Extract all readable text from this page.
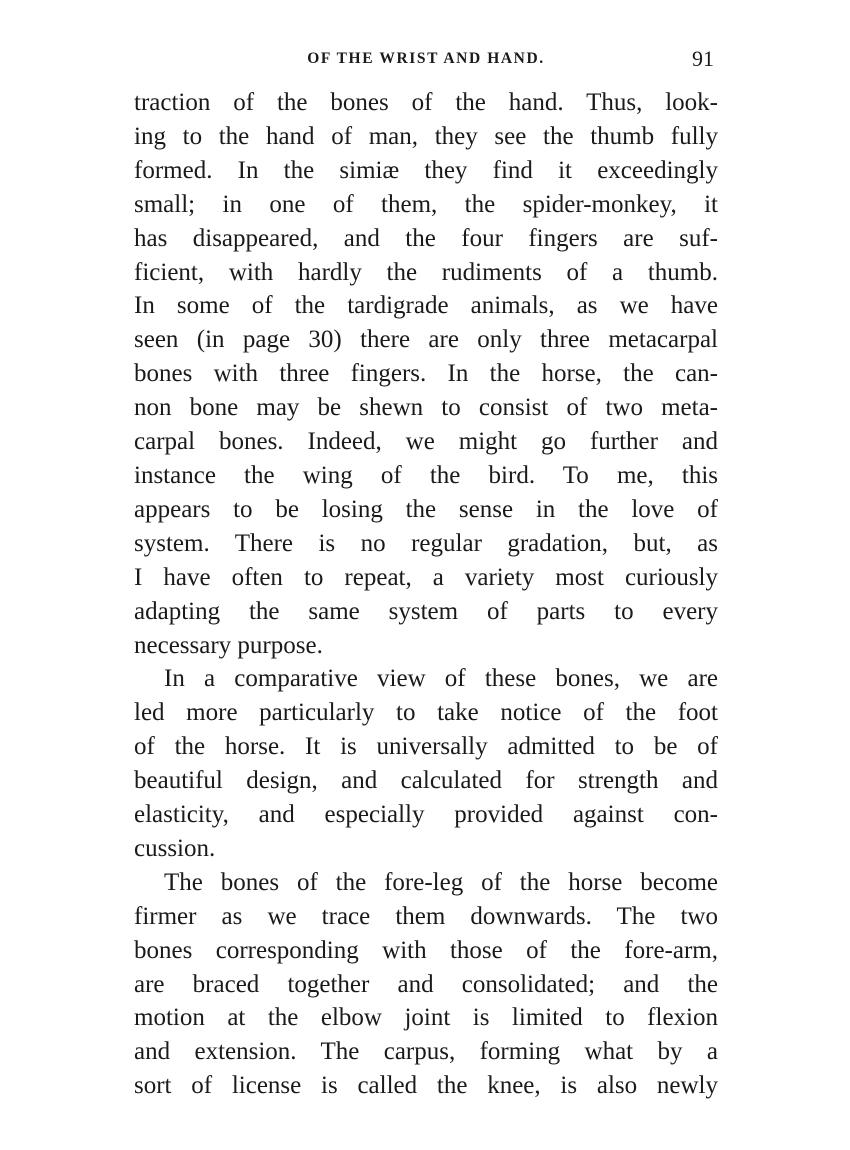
OF THE WRIST AND HAND.	91

traction of the bones of the hand. Thus, look-
ing to the hand of man, they see the thumb fully
formed. In the simiæ they find it exceedingly
small; in one of them, the spider-monkey, it
has disappeared, and the four fingers are suf-
ficient, with hardly the rudiments of a thumb.
In some of the tardigrade animals, as we have
seen (in page 30) there are only three metacarpal
bones with three fingers. In the horse, the can-
non bone may be shewn to consist of two meta-
carpal bones. Indeed, we might go further and
instance the wing of the bird. To me, this
appears to be losing the sense in the love of
system. There is no regular gradation, but, as
I have often to repeat, a variety most curiously
adapting the same system of parts to every
necessary purpose.

In a comparative view of these bones, we are
led more particularly to take notice of the foot
of the horse. It is universally admitted to be of
beautiful design, and calculated for strength and
elasticity, and especially provided against con-
cussion.

The bones of the fore-leg of the horse become
firmer as we trace them downwards. The two
bones corresponding with those of the fore-arm,
are braced together and consolidated; and the
motion at the elbow joint is limited to flexion
and extension. The carpus, forming what by a
sort of license is called the knee, is also newly
